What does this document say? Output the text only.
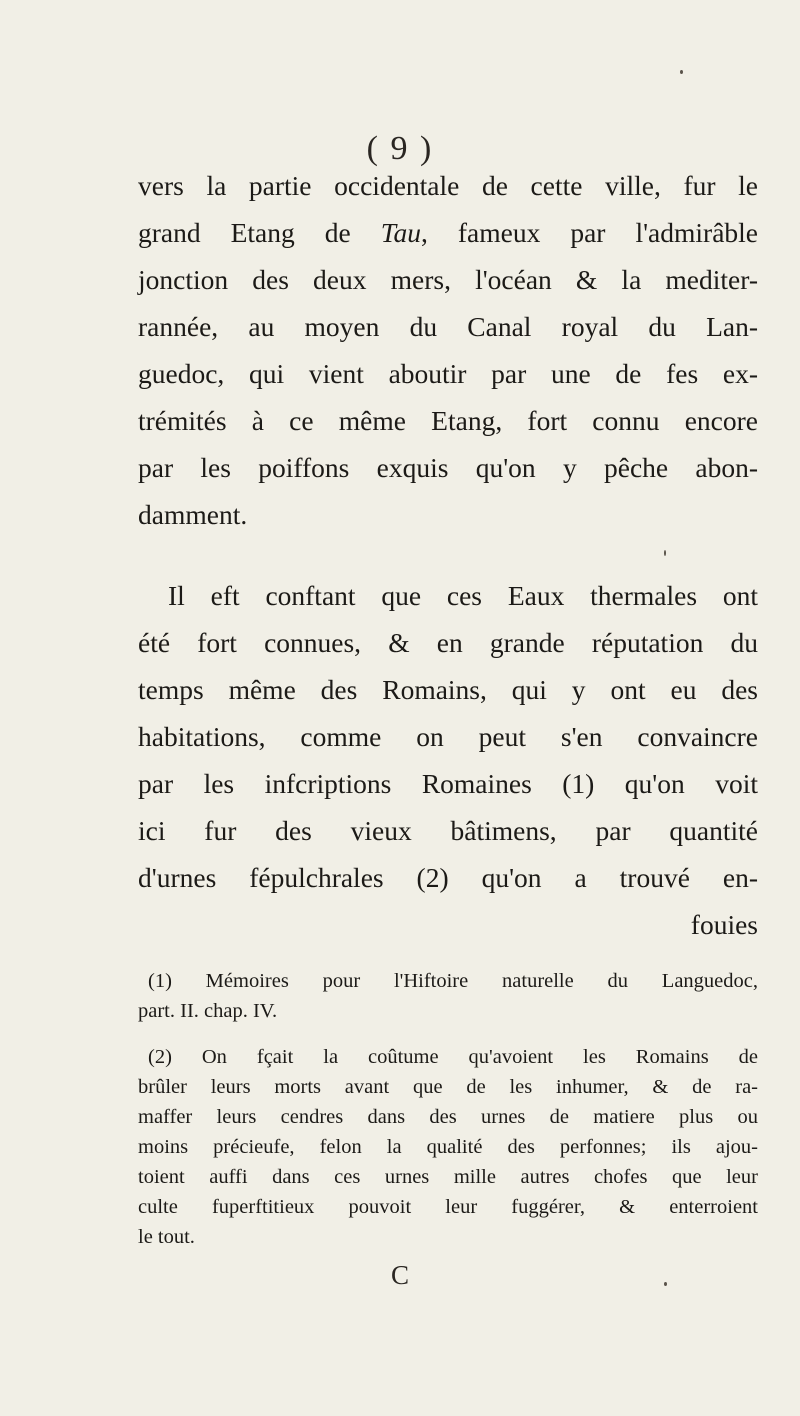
( 9 )
vers la partie occidentale de cette ville, fur le
grand Etang de Tau, fameux par l'admirâble
jonction des deux mers, l'océan & la mediter-
rannée, au moyen du Canal royal du Lan-
guedoc, qui vient aboutir par une de fes ex-
trémités à ce même Etang, fort connu encore
par les poiffons exquis qu'on y pêche abon-
damment.
Il eft conftant que ces Eaux thermales ont
été fort connues, & en grande réputation du
temps même des Romains, qui y ont eu des
habitations, comme on peut s'en convaincre
par les infcriptions Romaines (1) qu'on voit
ici fur des vieux bâtimens, par quantité
d'urnes fépulchrales (2) qu'on a trouvé en-
fouies
(1) Mémoires pour l'Hiftoire naturelle du Languedoc,
part. II. chap. IV.
(2) On fçait la coûtume qu'avoient les Romains de
brûler leurs morts avant que de les inhumer, & de ra-
maffer leurs cendres dans des urnes de matiere plus ou
moins précieufe, felon la qualité des perfonnes; ils ajou-
toient auffi dans ces urnes mille autres chofes que leur
culte fuperftitieux pouvoit leur fuggérer, & enterroient
le tout.
C
